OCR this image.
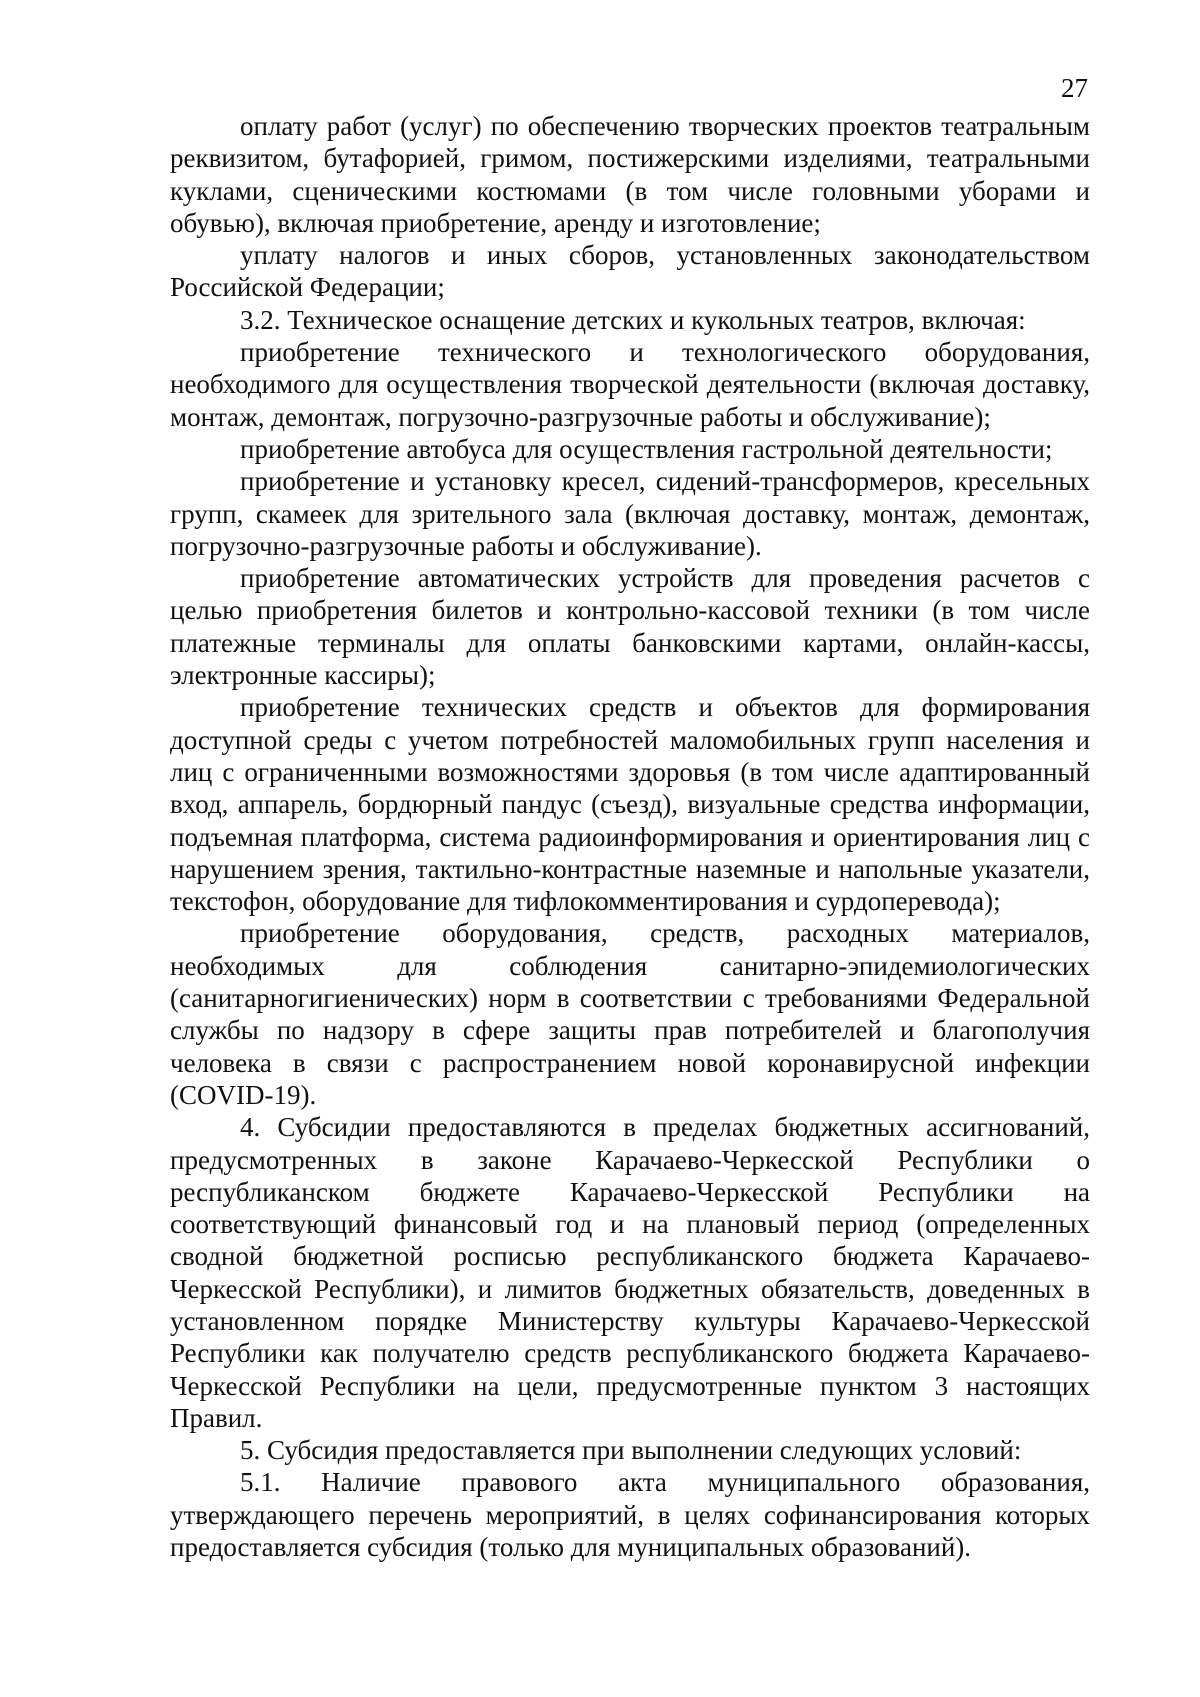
27

оплату работ (услуг) по обеспечению творческих проектов театральным реквизитом, бутафорией, гримом, постижерскими изделиями, театральными куклами, сценическими костюмами (в том числе головными уборами и обувью), включая приобретение, аренду и изготовление;

уплату налогов и иных сборов, установленных законодательством Российской Федерации;

3.2. Техническое оснащение детских и кукольных театров, включая:

приобретение технического и технологического оборудования, необходимого для осуществления творческой деятельности (включая доставку, монтаж, демонтаж, погрузочно-разгрузочные работы и обслуживание);

приобретение автобуса для осуществления гастрольной деятельности;

приобретение и установку кресел, сидений-трансформеров, кресельных групп, скамеек для зрительного зала (включая доставку, монтаж, демонтаж, погрузочно-разгрузочные работы и обслуживание).

приобретение автоматических устройств для проведения расчетов с целью приобретения билетов и контрольно-кассовой техники (в том числе платежные терминалы для оплаты банковскими картами, онлайн-кассы, электронные кассиры);

приобретение технических средств и объектов для формирования доступной среды с учетом потребностей маломобильных групп населения и лиц с ограниченными возможностями здоровья (в том числе адаптированный вход, аппарель, бордюрный пандус (съезд), визуальные средства информации, подъемная платформа, система радиоинформирования и ориентирования лиц с нарушением зрения, тактильно-контрастные наземные и напольные указатели, текстофон, оборудование для тифлокомментирования и сурдоперевода);

приобретение оборудования, средств, расходных материалов, необходимых для соблюдения санитарно-эпидемиологических (санитарногигиенических) норм в соответствии с требованиями Федеральной службы по надзору в сфере защиты прав потребителей и благополучия человека в связи с распространением новой коронавирусной инфекции (COVID-19).

4. Субсидии предоставляются в пределах бюджетных ассигнований, предусмотренных в законе Карачаево-Черкесской Республики о республиканском бюджете Карачаево-Черкесской Республики на соответствующий финансовый год и на плановый период (определенных сводной бюджетной росписью республиканского бюджета Карачаево-Черкесской Республики), и лимитов бюджетных обязательств, доведенных в установленном порядке Министерству культуры Карачаево-Черкесской Республики как получателю средств республиканского бюджета Карачаево-Черкесской Республики на цели, предусмотренные пунктом 3 настоящих Правил.

5. Субсидия предоставляется при выполнении следующих условий:

5.1. Наличие правового акта муниципального образования, утверждающего перечень мероприятий, в целях софинансирования которых предоставляется субсидия (только для муниципальных образований).
